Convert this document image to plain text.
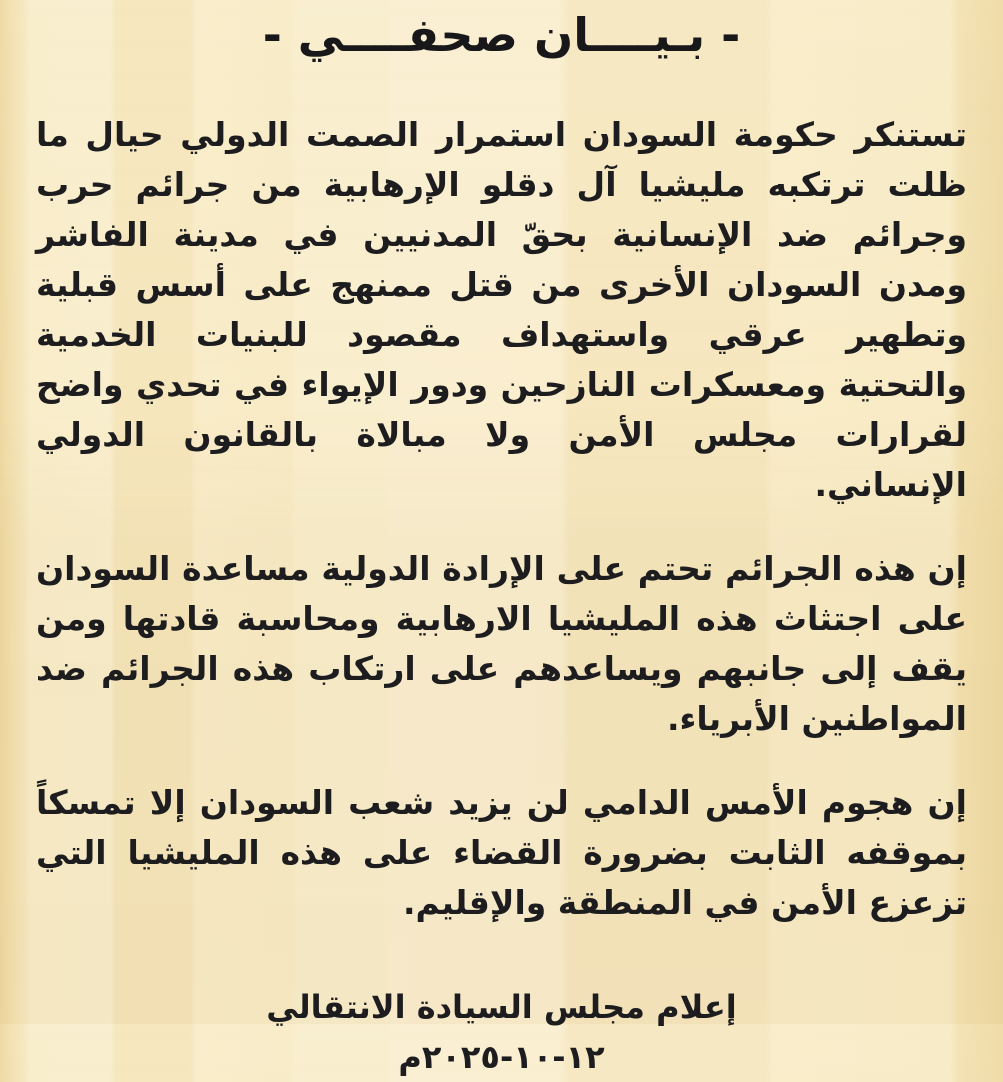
- بـيــــان صحفــــي -

تستنكر حكومة السودان استمرار الصمت الدولي حيال ما ظلت ترتكبه مليشيا آل دقلو الإرهابية من جرائم حرب وجرائم ضد الإنسانية بحقّ المدنيين في مدينة الفاشر ومدن السودان الأخرى من قتل ممنهج على أسس قبلية وتطهير عرقي واستهداف مقصود للبنيات الخدمية والتحتية ومعسكرات النازحين ودور الإيواء في تحدي واضح لقرارات مجلس الأمن ولا مبالاة بالقانون الدولي الإنساني.

إن هذه الجرائم تحتم على الإرادة الدولية مساعدة السودان على اجتثاث هذه المليشيا الارهابية ومحاسبة قادتها ومن يقف إلى جانبهم ويساعدهم على ارتكاب هذه الجرائم ضد المواطنين الأبرياء.

إن هجوم الأمس الدامي لن يزيد شعب السودان إلا تمسكاً بموقفه الثابت بضرورة القضاء على هذه المليشيا التي تزعزع الأمن في المنطقة والإقليم.

إعلام مجلس السيادة الانتقالي
١٢-١٠-٢٠٢٥م
